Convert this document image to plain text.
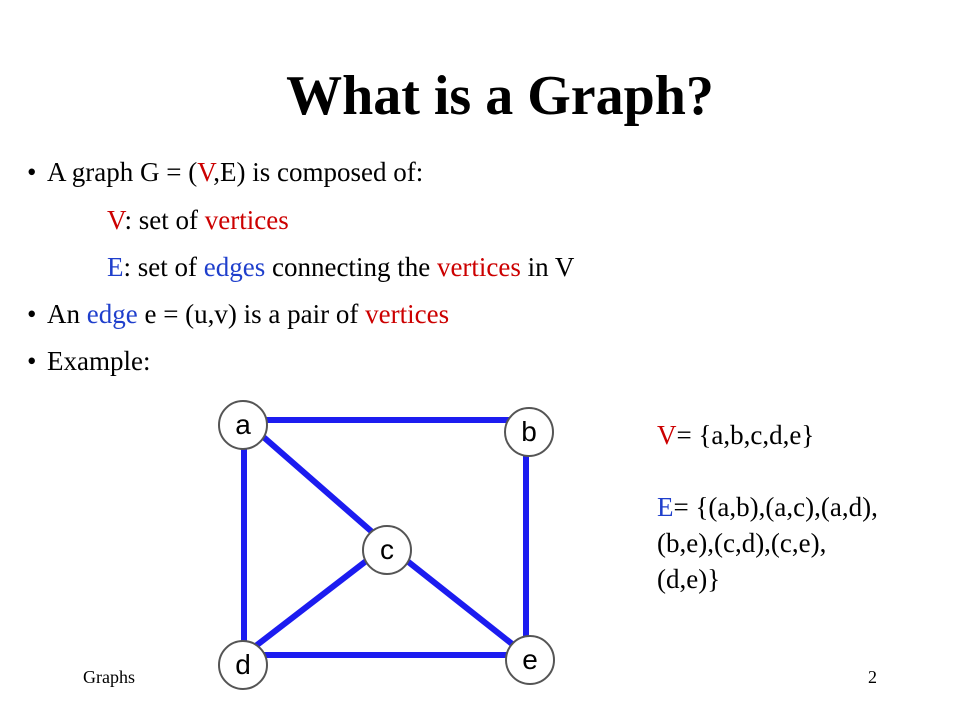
What is a Graph?
• A graph G = (V,E) is composed of:
V: set of vertices
E: set of edges connecting the vertices in V
• An edge e = (u,v) is a pair of vertices
• Example:
a	b
c
d	e
V= {a,b,c,d,e}
E= {(a,b),(a,c),(a,d),
(b,e),(c,d),(c,e),
(d,e)}
Graphs	2
